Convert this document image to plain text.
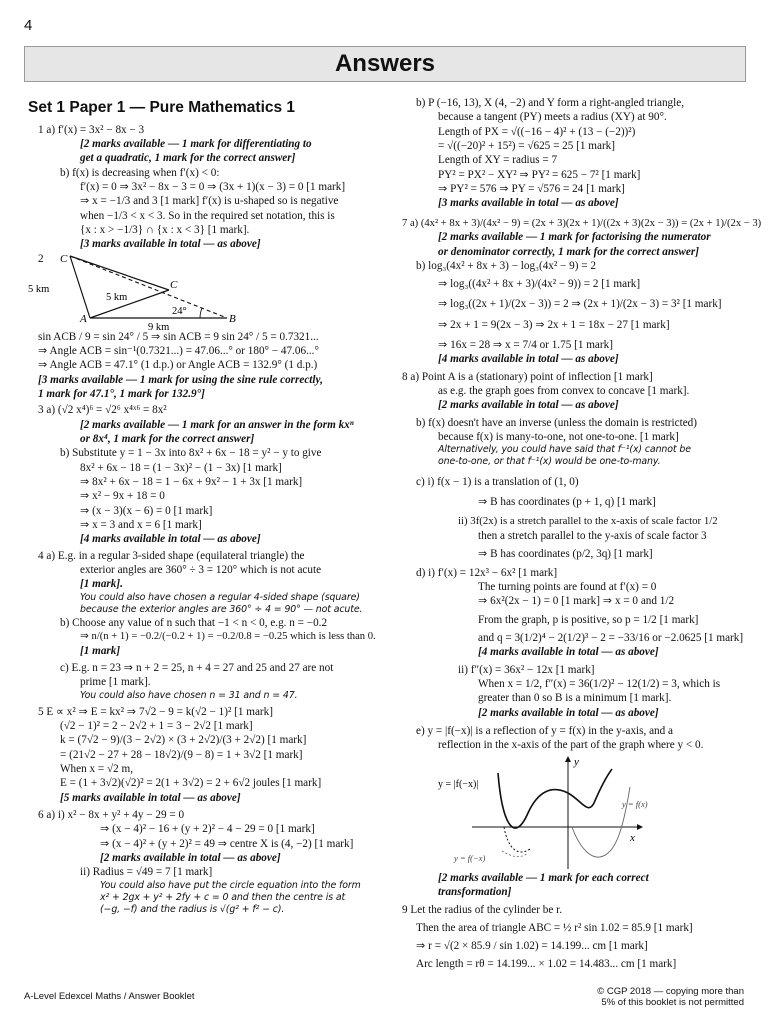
4
Answers
Set 1 Paper 1 — Pure Mathematics 1
1 a) f′(x) = 3x² − 8x − 3
[2 marks available — 1 mark for differentiating to
get a quadratic, 1 mark for the correct answer]
b) f(x) is decreasing when f′(x) < 0:
f′(x) = 0 ⇒ 3x² − 8x − 3 = 0 ⇒ (3x + 1)(x − 3) = 0 [1 mark]
⇒ x = −1/3 and 3 [1 mark] f′(x) is u-shaped so is negative
when −1/3 < x < 3. So in the required set notation, this is
{x : x > −1/3} ∩ {x : x < 3} [1 mark].
[3 marks available in total — as above]
2	C
C
A	B
5 km
5 km
9 km
24°
sin ACB / 9 = sin 24° / 5 ⇒ sin ACB = 9 sin 24° / 5 = 0.7321...
⇒ Angle ACB = sin⁻¹(0.7321...) = 47.06...° or 180° − 47.06...°
⇒ Angle ACB = 47.1° (1 d.p.) or Angle ACB = 132.9° (1 d.p.)
[3 marks available — 1 mark for using the sine rule correctly,
1 mark for 47.1°, 1 mark for 132.9°]
3 a) (√2 x⁴)⁶ = √2⁶ x⁴ˣ⁶ = 8x²
[2 marks available — 1 mark for an answer in the form kxⁿ
or 8x⁴, 1 mark for the correct answer]
b) Substitute y = 1 − 3x into 8x² + 6x − 18 = y² − y to give
8x² + 6x − 18 = (1 − 3x)² − (1 − 3x) [1 mark]
⇒ 8x² + 6x − 18 = 1 − 6x + 9x² − 1 + 3x [1 mark]
⇒ x² − 9x + 18 = 0
⇒ (x − 3)(x − 6) = 0 [1 mark]
⇒ x = 3 and x = 6 [1 mark]
[4 marks available in total — as above]
4 a) E.g. in a regular 3-sided shape (equilateral triangle) the
exterior angles are 360° ÷ 3 = 120° which is not acute
[1 mark].
You could also have chosen a regular 4-sided shape (square)
because the exterior angles are 360° ÷ 4 = 90° — not acute.
b) Choose any value of n such that −1 < n < 0, e.g. n = −0.2
⇒ n/(n + 1) = −0.2/(−0.2 + 1) = −0.2/0.8 = −0.25 which is less than 0.
[1 mark]
c) E.g. n = 23 ⇒ n + 2 = 25, n + 4 = 27 and 25 and 27 are not
prime [1 mark].
You could also have chosen n = 31 and n = 47.
5 E ∝ x² ⇒ E = kx² ⇒ 7√2 − 9 = k(√2 − 1)² [1 mark]
(√2 − 1)² = 2 − 2√2 + 1 = 3 − 2√2 [1 mark]
k = (7√2 − 9)/(3 − 2√2) × (3 + 2√2)/(3 + 2√2) [1 mark]
= (21√2 − 27 + 28 − 18√2)/(9 − 8) = 1 + 3√2 [1 mark]
When x = √2 m,
E = (1 + 3√2)(√2)² = 2(1 + 3√2) = 2 + 6√2 joules [1 mark]
[5 marks available in total — as above]
6 a) i) x² − 8x + y² + 4y − 29 = 0
⇒ (x − 4)² − 16 + (y + 2)² − 4 − 29 = 0 [1 mark]
⇒ (x − 4)² + (y + 2)² = 49 ⇒ centre X is (4, −2) [1 mark]
[2 marks available in total — as above]
ii) Radius = √49 = 7 [1 mark]
You could also have put the circle equation into the form
x² + 2gx + y² + 2fy + c = 0 and then the centre is at
(−g, −f) and the radius is √(g² + f² − c).
b) P (−16, 13), X (4, −2) and Y form a right-angled triangle,
because a tangent (PY) meets a radius (XY) at 90°.
Length of PX = √((−16 − 4)² + (13 − (−2))²)
= √((−20)² + 15²) = √625 = 25 [1 mark]
Length of XY = radius = 7
PY² = PX² − XY² ⇒ PY² = 625 − 7² [1 mark]
⇒ PY² = 576 ⇒ PY = √576 = 24 [1 mark]
[3 marks available in total — as above]
7 a) (4x² + 8x + 3)/(4x² − 9) = (2x + 3)(2x + 1)/((2x + 3)(2x − 3)) = (2x + 1)/(2x − 3)
[2 marks available — 1 mark for factorising the numerator
or denominator correctly, 1 mark for the correct answer]
b) log₃(4x² + 8x + 3) − log₃(4x² − 9) = 2
⇒ log₃((4x² + 8x + 3)/(4x² − 9)) = 2 [1 mark]
⇒ log₃((2x + 1)/(2x − 3)) = 2 ⇒ (2x + 1)/(2x − 3) = 3² [1 mark]
⇒ 2x + 1 = 9(2x − 3) ⇒ 2x + 1 = 18x − 27 [1 mark]
⇒ 16x = 28 ⇒ x = 7/4 or 1.75 [1 mark]
[4 marks available in total — as above]
8 a) Point A is a (stationary) point of inflection [1 mark]
as e.g. the graph goes from convex to concave [1 mark].
[2 marks available in total — as above]
b) f(x) doesn't have an inverse (unless the domain is restricted)
because f(x) is many-to-one, not one-to-one. [1 mark]
Alternatively, you could have said that f⁻¹(x) cannot be
one-to-one, or that f⁻¹(x) would be one-to-many.
c) i) f(x − 1) is a translation of (1, 0)
⇒ B has coordinates (p + 1, q) [1 mark]
ii) 3f(2x) is a stretch parallel to the x-axis of scale factor 1/2
then a stretch parallel to the y-axis of scale factor 3
⇒ B has coordinates (p/2, 3q) [1 mark]
d) i) f′(x) = 12x³ − 6x² [1 mark]
The turning points are found at f′(x) = 0
⇒ 6x²(2x − 1) = 0 [1 mark] ⇒ x = 0 and 1/2
From the graph, p is positive, so p = 1/2 [1 mark]
and q = 3(1/2)⁴ − 2(1/2)³ − 2 = −33/16 or −2.0625 [1 mark]
[4 marks available in total — as above]
ii) f″(x) = 36x² − 12x [1 mark]
When x = 1/2, f″(x) = 36(1/2)² − 12(1/2) = 3, which is
greater than 0 so B is a minimum [1 mark].
[2 marks available in total — as above]
e) y = |f(−x)| is a reflection of y = f(x) in the y-axis, and a
reflection in the x-axis of the part of the graph where y < 0.
y
x
y = |f(−x)|
y = f(x)
y = f(−x)
[2 marks available — 1 mark for each correct
transformation]
9 Let the radius of the cylinder be r.
Then the area of triangle ABC = ½ r² sin 1.02 = 85.9 [1 mark]
⇒ r = √(2 × 85.9 / sin 1.02) = 14.199... cm [1 mark]
Arc length = rθ = 14.199... × 1.02 = 14.483... cm [1 mark]
A-Level Edexcel Maths / Answer Booklet	© CGP 2018 — copying more than
5% of this booklet is not permitted
